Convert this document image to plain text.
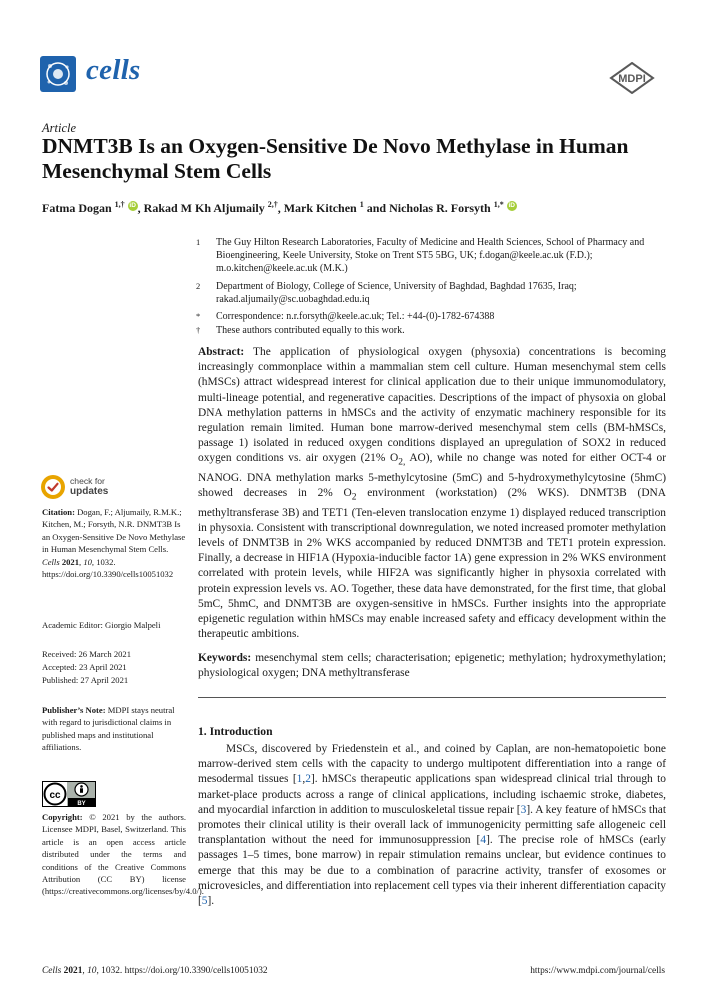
cells	MDPI
Article
DNMT3B Is an Oxygen-Sensitive De Novo Methylase in Human Mesenchymal Stem Cells
Fatma Dogan $^{1,\dagger}$ iD , Rakad M Kh Aljumaily $^{2,\dagger}$, Mark Kitchen $^1$ and Nicholas R. Forsyth $^{1,*}$ iD
1	The Guy Hilton Research Laboratories, Faculty of Medicine and Health Sciences, School of Pharmacy and Bioengineering, Keele University, Stoke on Trent ST5 5BG, UK; f.dogan@keele.ac.uk (F.D.); m.o.kitchen@keele.ac.uk (M.K.)
2	Department of Biology, College of Science, University of Baghdad, Baghdad 17635, Iraq; rakad.aljumaily@sc.uobaghdad.edu.iq
*	Correspondence: n.r.forsyth@keele.ac.uk; Tel.: +44-(0)-1782-674388
†	These authors contributed equally to this work.

Abstract: The application of physiological oxygen (physoxia) concentrations is becoming increasingly commonplace within a mammalian stem cell culture. Human mesenchymal stem cells (hMSCs) attract widespread interest for clinical application due to their unique immunomodulatory, multi-lineage potential, and regenerative capacities. Descriptions of the impact of physoxia on global DNA methylation patterns in hMSCs and the activity of enzymatic machinery responsible for its regulation remain limited. Human bone marrow-derived mesenchymal stem cells (BM-hMSCs, passage 1) isolated in reduced oxygen conditions displayed an upregulation of SOX2 in reduced oxygen conditions vs. air oxygen (21% $O_{2,}$ AO), while no change was noted for either OCT-4 or NANOG. DNA methylation marks 5-methylcytosine (5mC) and 5-hydroxymethylcytosine (5hmC) showed decreases in 2% $O_2$ environment (workstation) (2% WKS). DNMT3B (DNA methyltransferase 3B) and TET1 (Ten-eleven translocation enzyme 1) displayed reduced transcription in physoxia. Consistent with transcriptional downregulation, we noted increased promoter methylation levels of DNMT3B in 2% WKS accompanied by reduced DNMT3B and TET1 protein expression. Finally, a decrease in HIF1A (Hypoxia-inducible factor 1A) gene expression in 2% WKS environment correlated with protein levels, while HIF2A was significantly higher in physoxia correlated with protein expression levels vs. AO. Together, these data have demonstrated, for the first time, that global 5mC, 5hmC, and DNMT3B are oxygen-sensitive in hMSCs. Further insights into the appropriate epigenetic regulation within hMSCs may enable increased safety and efficacy development within the therapeutic ambitions.

Keywords: mesenchymal stem cells; characterisation; epigenetic; methylation; hydroxymethylation; physiological oxygen; DNA methyltransferase

1. Introduction

MSCs, discovered by Friedenstein et al., and coined by Caplan, are non-hematopoietic bone marrow-derived stem cells with the capacity to undergo multipotent differentiation into a range of mesodermal tissues [1,2]. hMSCs therapeutic applications span widespread clinical trial through to market-place products across a range of clinical applications, including ischaemic stroke, diabetes, and myocardial infarction in addition to musculoskeletal tissue repair [3]. A key feature of hMSCs that promotes their clinical utility is their overall lack of immunogenicity permitting safe allogeneic cell transplantation without the need for immunosuppression [4]. The precise role of hMSCs (early passages 1–5 times, bone marrow) in repair stimulation remains unclear, but evidence continues to emerge that this may be due to a combination of paracrine activity, transfer of exosomes or microvesicles, and differentiation into replacement cell types via their inherent differentiation capacity [5].

check for
updates
Citation: Dogan, F.; Aljumaily, R.M.K.; Kitchen, M.; Forsyth, N.R. DNMT3B Is an Oxygen-Sensitive De Novo Methylase in Human Mesenchymal Stem Cells. Cells 2021, 10, 1032. https://doi.org/10.3390/cells10051032
Academic Editor: Giorgio Malpeli
Received: 26 March 2021
Accepted: 23 April 2021
Published: 27 April 2021
Publisher’s Note: MDPI stays neutral with regard to jurisdictional claims in published maps and institutional affiliations.
cc
BY
Copyright: © 2021 by the authors. Licensee MDPI, Basel, Switzerland. This article is an open access article distributed under the terms and conditions of the Creative Commons Attribution (CC BY) license (https://creativecommons.org/licenses/by/4.0/).
Cells 2021, 10, 1032. https://doi.org/10.3390/cells10051032	https://www.mdpi.com/journal/cells
